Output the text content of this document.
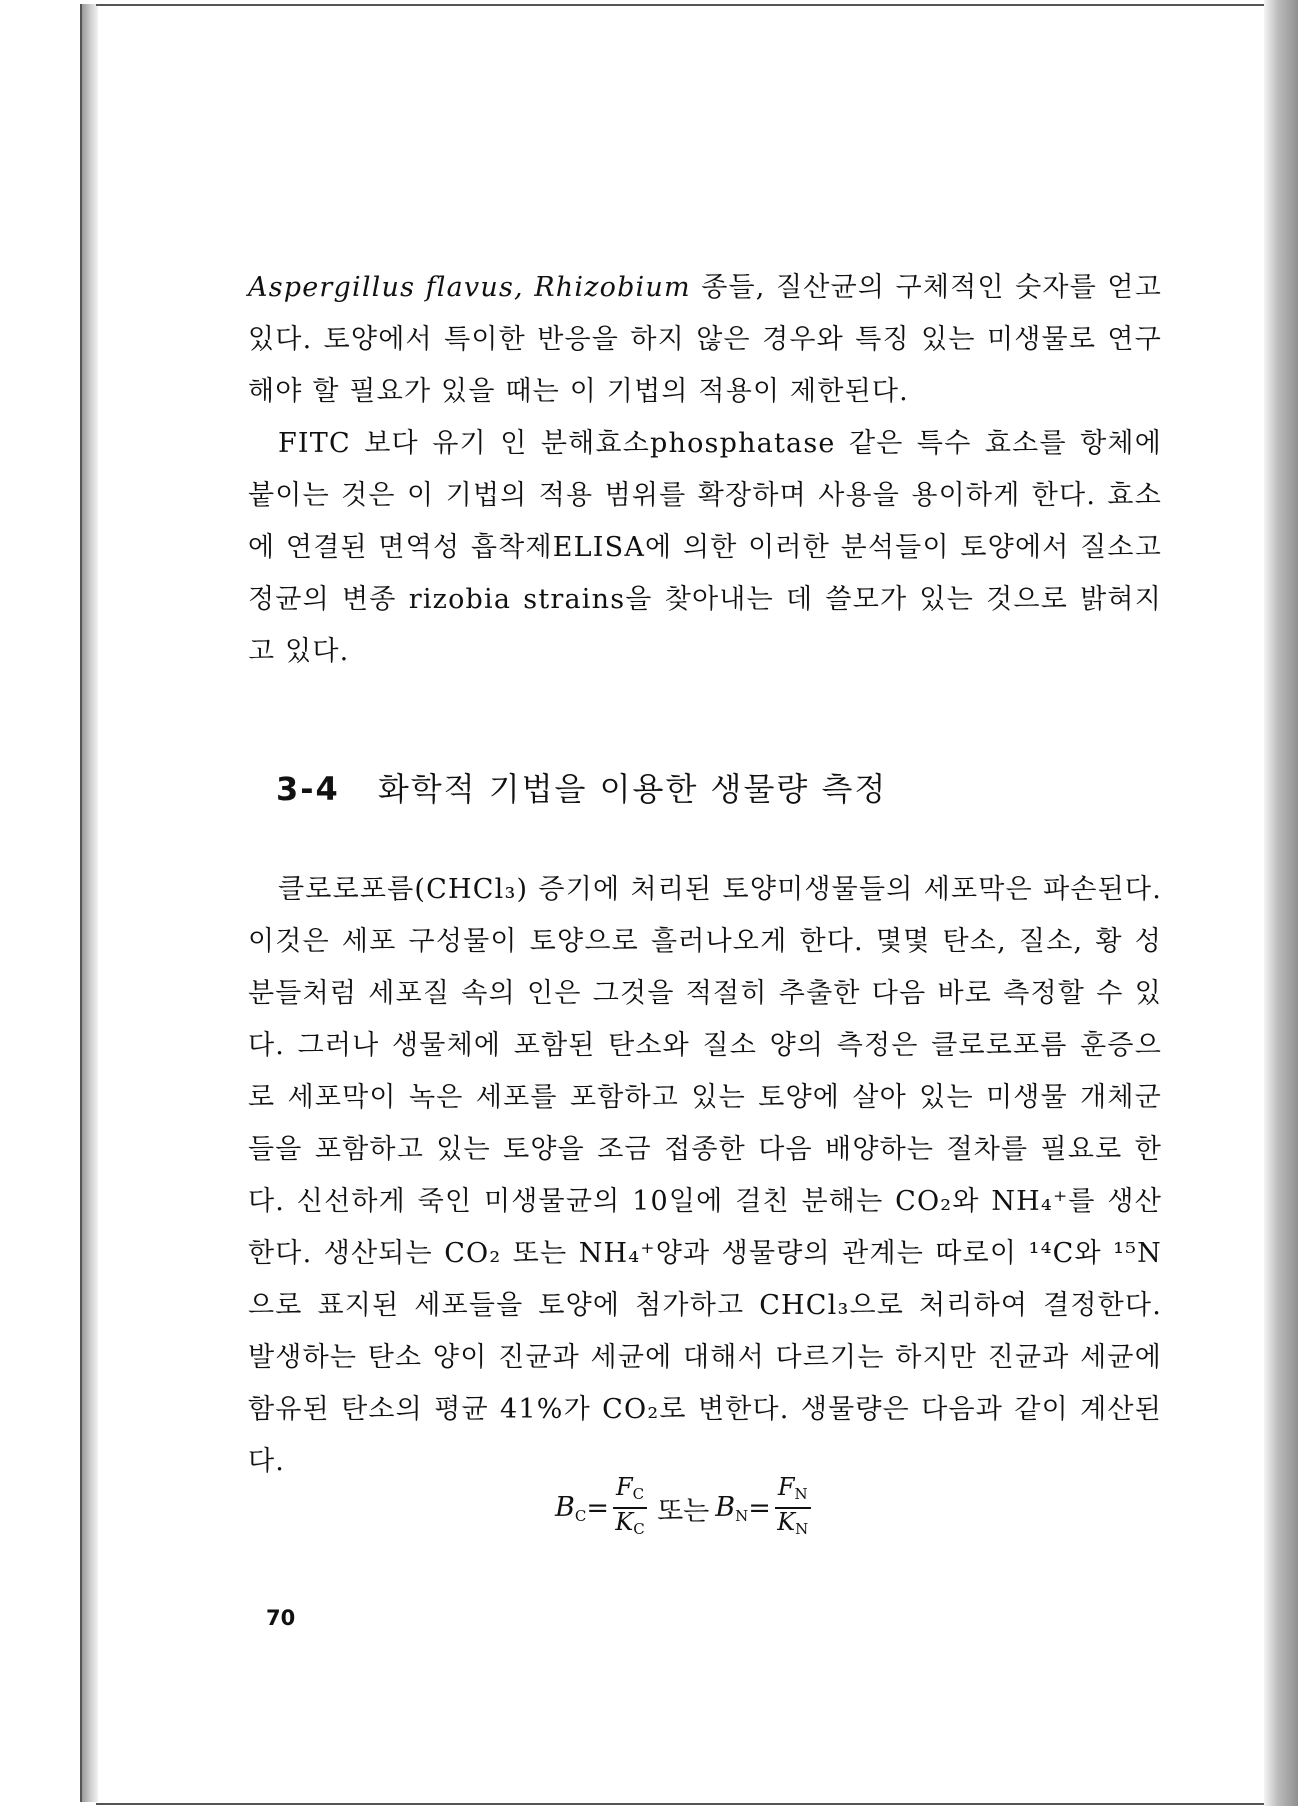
Aspergillus flavus, Rhizobium 종들, 질산균의 구체적인 숫자를 얻고 있다. 토양에서 특이한 반응을 하지 않은 경우와 특징 있는 미생물로 연구해야 할 필요가 있을 때는 이 기법의 적용이 제한된다.

FITC 보다 유기 인 분해효소phosphatase 같은 특수 효소를 항체에 붙이는 것은 이 기법의 적용 범위를 확장하며 사용을 용이하게 한다. 효소에 연결된 면역성 흡착제ELISA에 의한 이러한 분석들이 토양에서 질소고정균의 변종 rizobia strains을 찾아내는 데 쓸모가 있는 것으로 밝혀지고 있다.

3-4 화학적 기법을 이용한 생물량 측정

클로로포름(CHCl₃) 증기에 처리된 토양미생물들의 세포막은 파손된다. 이것은 세포 구성물이 토양으로 흘러나오게 한다. 몇몇 탄소, 질소, 황 성분들처럼 세포질 속의 인은 그것을 적절히 추출한 다음 바로 측정할 수 있다. 그러나 생물체에 포함된 탄소와 질소 양의 측정은 클로로포름 훈증으로 세포막이 녹은 세포를 포함하고 있는 토양에 살아 있는 미생물 개체군들을 포함하고 있는 토양을 조금 접종한 다음 배양하는 절차를 필요로 한다. 신선하게 죽인 미생물균의 10일에 걸친 분해는 CO₂와 NH₄⁺를 생산한다. 생산되는 CO₂ 또는 NH₄⁺양과 생물량의 관계는 따로이 ¹⁴C와 ¹⁵N으로 표지된 세포들을 토양에 첨가하고 CHCl₃으로 처리하여 결정한다. 발생하는 탄소 양이 진균과 세균에 대해서 다르기는 하지만 진균과 세균에 함유된 탄소의 평균 41%가 CO₂로 변한다. 생물량은 다음과 같이 계산된다.

$B_C = \frac{F_C}{K_C}$ 또는 $B_N = \frac{F_N}{K_N}$
70
